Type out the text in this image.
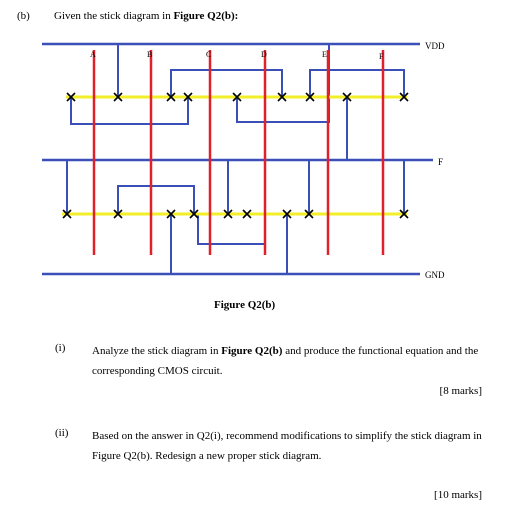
(b) Given the stick diagram in Figure Q2(b):
A	B	C	D	E	F
VDD
F
GND
Figure Q2(b)
(i) Analyze the stick diagram in Figure Q2(b) and produce the functional equation and the corresponding CMOS circuit.
[8 marks]
(ii) Based on the answer in Q2(i), recommend modifications to simplify the stick diagram in Figure Q2(b). Redesign a new proper stick diagram.
[10 marks]
